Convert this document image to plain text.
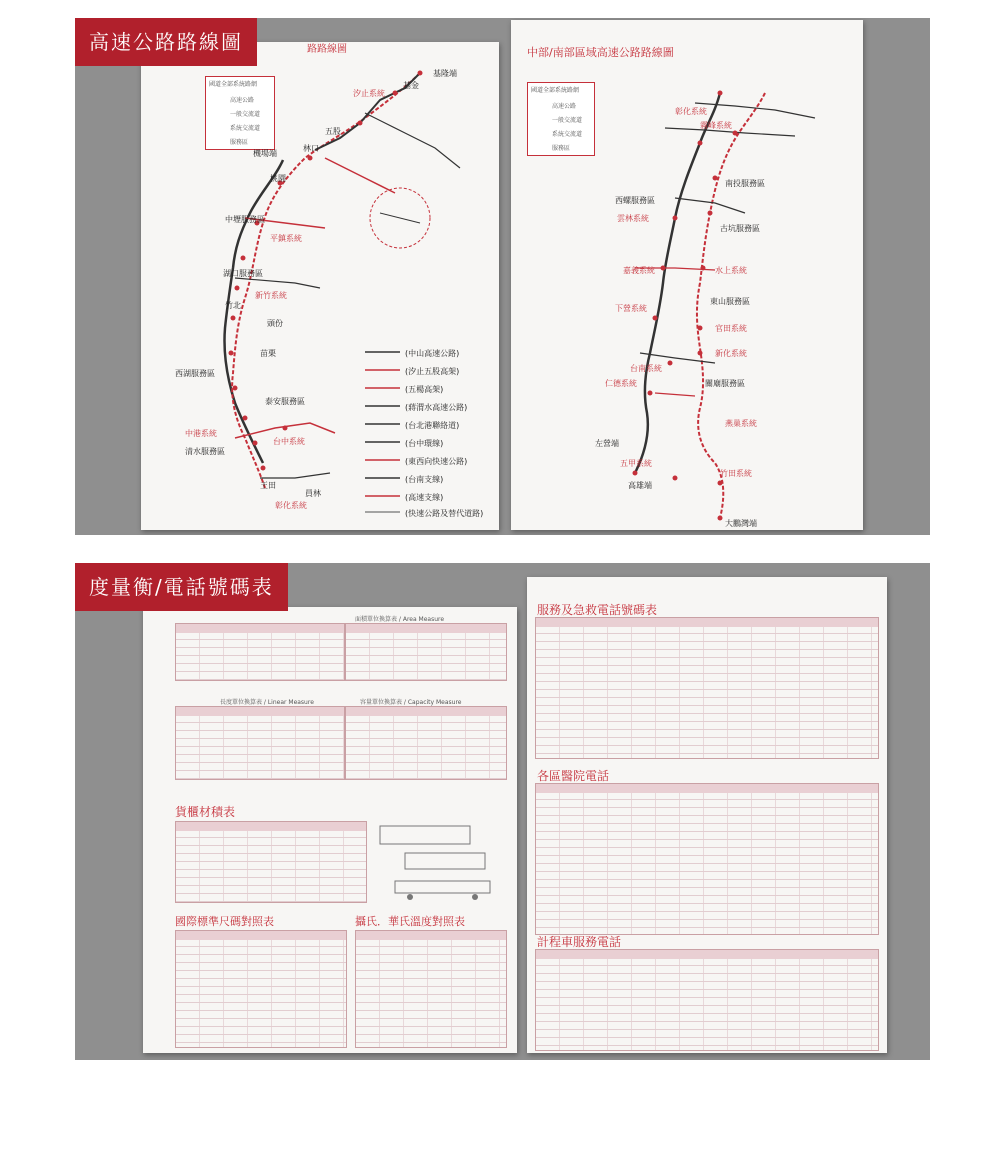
國道全部系統路網
高速公路
一般交流道
系統交流道
服務區
國道全部系統路網
高速公路
一般交流道
系統交流道
服務區
路路線圖	中部/南部區域高速公路路線圖
基隆端
基金
汐止系統
五股
林口
桃園
機場端
中壢服務區
平鎮系統
湖口服務區
新竹系統
竹北
頭份
苗栗
西湖服務區
泰安服務區
台中系統
中港系統
清水服務區
彰化系統
王田
員林
(中山高速公路)
(汐止五股高架)
(五楊高架)
(蔣渭水高速公路)
(台北港聯絡道)
(台中環線)
(東西向快速公路)
(台南支線)
(高速支線)
(快速公路及替代道路)
彰化系統
霧峰系統
南投服務區
西螺服務區
雲林系統
古坑服務區
嘉義系統	水上系統
東山服務區
下營系統
官田系統
新化系統
台南系統
仁德系統	關廟服務區
燕巢系統
左營端
五甲系統
竹田系統
高雄端
大鵬灣端
高速公路路線圖
面積單位換算表 / Area Measure
長度單位換算表 / Linear Measure	容量單位換算表 / Capacity Measure
貨櫃材積表
國際標準尺碼對照表	攝氏．華氏溫度對照表
服務及急救電話號碼表
各區醫院電話
計程車服務電話
度量衡/電話號碼表
